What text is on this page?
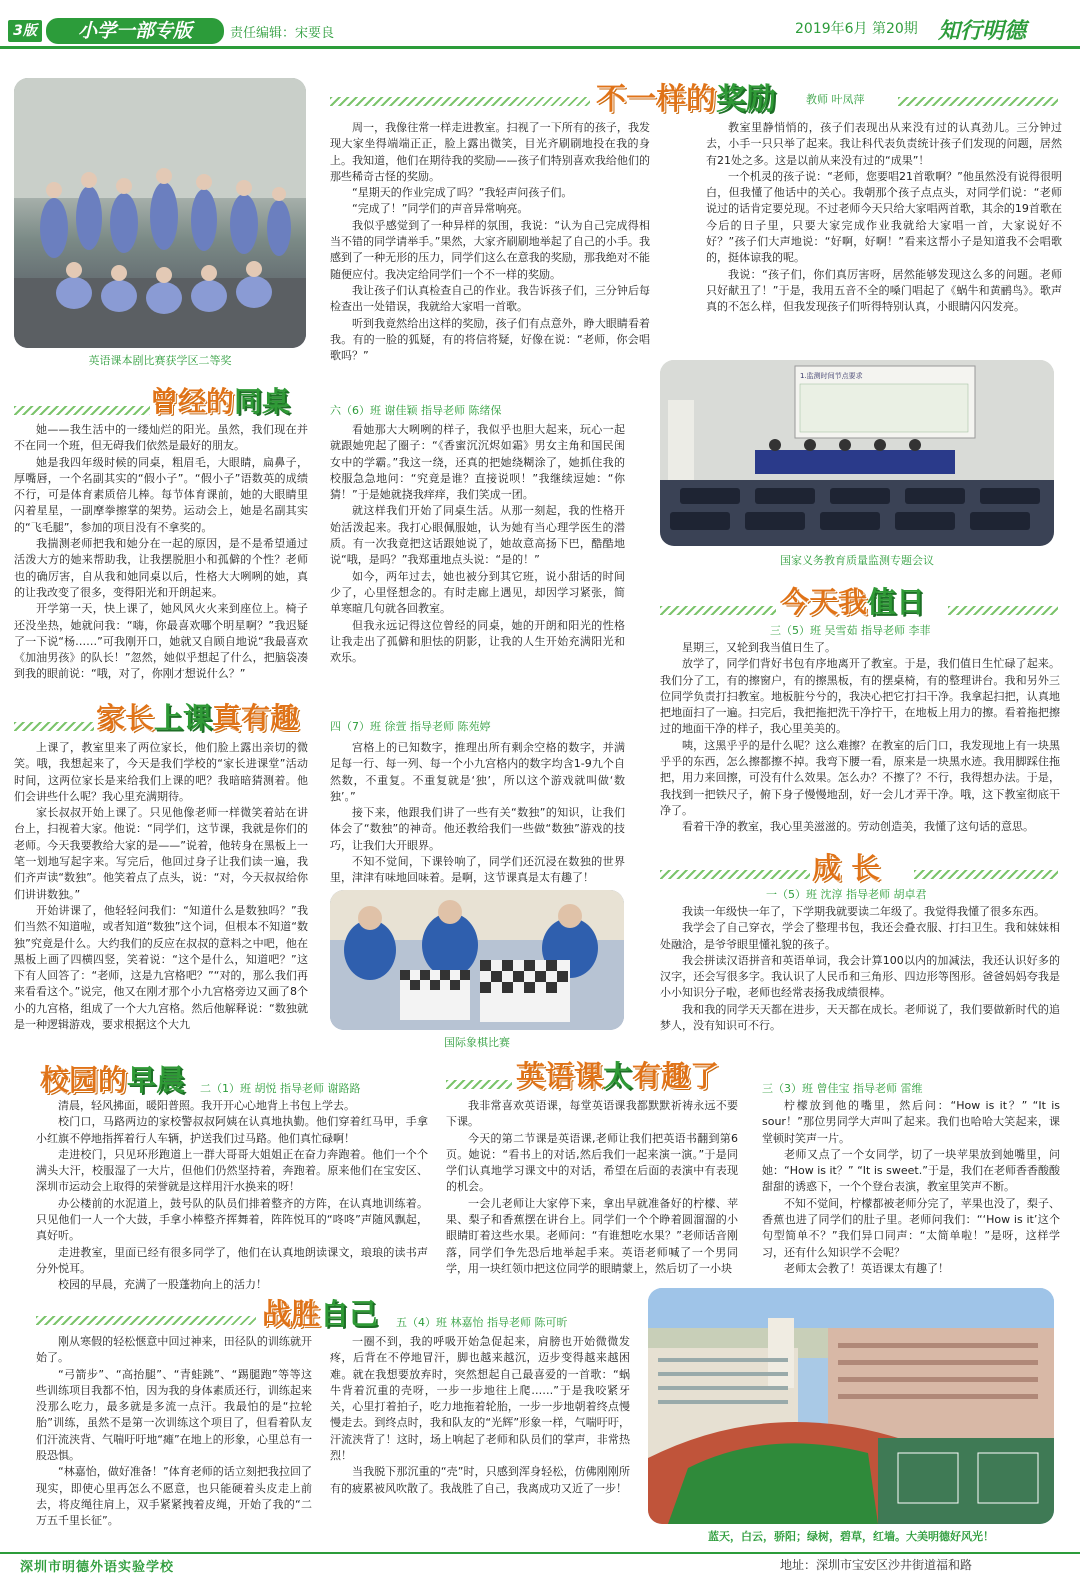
3版	小学一部专版	责任编辑：宋要良	2019年6月 第20期 知行明德
英语课本剧比赛获学区二等奖
不一样的奖励	教师 叶凤萍

周一，我像往常一样走进教室。扫视了一下所有的孩子，我发现大家坐得端端正正，脸上露出微笑，目光齐刷刷地投在我的身上。我知道，他们在期待我的奖励——孩子们特别喜欢我给他们的那些稀奇古怪的奖励。

“星期天的作业完成了吗？”我轻声问孩子们。

“完成了！”同学们的声音异常响亮。

我似乎感觉到了一种异样的氛围，我说：“认为自己完成得相当不错的同学请举手。”果然，大家齐刷刷地举起了自己的小手。我感到了一种无形的压力，同学们这么在意我的奖励，那我绝对不能随便应付。我决定给同学们一个不一样的奖励。

我让孩子们认真检查自己的作业。我告诉孩子们，三分钟后每检查出一处错误，我就给大家唱一首歌。

听到我竟然给出这样的奖励，孩子们有点意外，睁大眼睛看着我。有的一脸的狐疑，有的将信将疑，好像在说：“老师，你会唱歌吗？”

教室里静悄悄的，孩子们表现出从来没有过的认真劲儿。三分钟过去，小手一只只举了起来。我让科代表负责统计孩子们发现的问题，居然有21处之多。这是以前从来没有过的“成果”！

一个机灵的孩子说：“老师，您要唱21首歌啊？”他虽然没有说得很明白，但我懂了他话中的关心。我朝那个孩子点点头，对同学们说：“老师说过的话肯定要兑现。不过老师今天只给大家唱两首歌，其余的19首歌在今后的日子里，只要大家完成作业我就给大家唱一首，大家说好不好？”孩子们大声地说：“好啊，好啊！”看来这帮小子是知道我不会唱歌的，挺体谅我的呢。

我说：“孩子们，你们真厉害呀，居然能够发现这么多的问题。老师只好献丑了！”于是，我用五音不全的嗓门唱起了《蜗牛和黄鹂鸟》。歌声真的不怎么样，但我发现孩子们听得特别认真，小眼睛闪闪发亮。

1.监测时间节点要求
国家义务教育质量监测专题会议
曾经的同桌	六（6）班 谢佳颖 指导老师 陈绪保

她——我生活中的一缕灿烂的阳光。虽然，我们现在并不在同一个班，但无碍我们依然是最好的朋友。

她是我四年级时候的同桌，粗眉毛，大眼睛，扁鼻子，厚嘴唇，一个名副其实的“假小子”。“假小子”语数英的成绩不行，可是体育素质倍儿棒。每节体育课前，她的大眼睛里闪着星星，一副摩拳擦掌的架势。运动会上，她是名副其实的“飞毛腿”，参加的项目没有不拿奖的。

我揣测老师把我和她分在一起的原因，是不是希望通过活泼大方的她来帮助我，让我摆脱胆小和孤僻的个性？老师也的确厉害，自从我和她同桌以后，性格大大咧咧的她，真的让我改变了很多，变得阳光和开朗起来。

开学第一天，快上课了，她风风火火来到座位上。椅子还没坐热，她就问我：“嗨，你最喜欢哪个明星啊？”我迟疑了一下说“杨……”可我刚开口，她就又自顾自地说“我最喜欢《加油男孩》的队长！”忽然，她似乎想起了什么，把脑袋凑到我的眼前说：“哦，对了，你刚才想说什么？”

看她那大大咧咧的样子，我似乎也胆大起来，玩心一起就跟她兜起了圈子：“《香蜜沉沉烬如霜》男女主角和国民闺女中的学霸。”我这一绕，还真的把她绕糊涂了，她抓住我的校服急急地问：“究竟是谁？直接说呗！”我继续逗她：“你猜！”于是她就挠我痒痒，我们笑成一团。

就这样我们开始了同桌生活。从那一刻起，我的性格开始活泼起来。我打心眼佩服她，认为她有当心理学医生的潜质。有一次我竟把这话跟她说了，她故意高扬下巴，酷酷地说“哦，是吗？”我郑重地点头说：“是的！”

如今，两年过去，她也被分到其它班，说小甜话的时间少了，心里怪想念的。有时走廊上遇见，却因学习紧张，简单寒暄几句就各回教室。

但我永远记得这位曾经的同桌，她的开朗和阳光的性格让我走出了孤僻和胆怯的阴影，让我的人生开始充满阳光和欢乐。

家长上课真有趣	四（7）班 徐萱 指导老师 陈苑婷

上课了，教室里来了两位家长，他们脸上露出亲切的微笑。哦，我想起来了，今天是我们学校的“家长进课堂”活动时间，这两位家长是来给我们上课的吧？我暗暗猜测着。他们会讲些什么呢？我心里充满期待。

家长叔叔开始上课了。只见他像老师一样微笑着站在讲台上，扫视着大家。他说：“同学们，这节课，我就是你们的老师。今天我要教给大家的是——”说着，他转身在黑板上一笔一划地写起字来。写完后，他回过身子让我们读一遍，我们齐声读“数独”。他笑着点了点头，说：“对，今天叔叔给你们讲讲数独。”

开始讲课了，他轻轻问我们：“知道什么是数独吗？”我们当然不知道啦，或者知道“数独”这个词，但根本不知道“数独”究竟是什么。大约我们的反应在叔叔的意料之中吧，他在黑板上画了四横四竖，笑着说：“这个是什么，知道吧？”这下有人回答了：“老师，这是九宫格吧？”“对的，那么我们再来看看这个。”说完，他又在刚才那个小九宫格旁边又画了8个小的九宫格，组成了一个大九宫格。然后他解释说：“数独就是一种逻辑游戏，要求根据这个大九

宫格上的已知数字，推理出所有剩余空格的数字，并满足每一行、每一列、每一个小九宫格内的数字均含1-9九个自然数，不重复。不重复就是‘独’，所以这个游戏就叫做‘数独’。”

接下来，他跟我们讲了一些有关“数独”的知识，让我们体会了“数独”的神奇。他还教给我们一些做“数独”游戏的技巧，让我们大开眼界。

不知不觉间，下课铃响了，同学们还沉浸在数独的世界里，津津有味地回味着。是啊，这节课真是太有趣了！

国际象棋比赛
今天我值日
三（5）班 吴雪茹 指导老师 李菲

星期三，又轮到我当值日生了。

放学了，同学们背好书包有序地离开了教室。于是，我们值日生忙碌了起来。我们分了工，有的擦窗户，有的擦黑板，有的摆桌椅，有的整理讲台。我和另外三位同学负责打扫教室。地板脏兮兮的，我决心把它打扫干净。我拿起扫把，认真地把地面扫了一遍。扫完后，我把拖把洗干净拧干，在地板上用力的擦。看着拖把擦过的地面干净的样子，我心里美美的。

咦，这黑乎乎的是什么呢？这么难擦？在教室的后门口，我发现地上有一块黑乎乎的东西，怎么擦都擦不掉。我弯下腰一看，原来是一块黑水迹。我用脚踩住拖把，用力来回擦，可没有什么效果。怎么办？不擦了？不行，我得想办法。于是，我找到一把铁尺子，俯下身子慢慢地刮，好一会儿才弄干净。哦，这下教室彻底干净了。

看着干净的教室，我心里美滋滋的。劳动创造美，我懂了这句话的意思。

成 长
一（5）班 沈淳 指导老师 胡卓君

我读一年级快一年了，下学期我就要读二年级了。我觉得我懂了很多东西。

我学会了自己穿衣，学会了整理书包，我还会叠衣服、打扫卫生。我和妹妹相处融洽，是爷爷眼里懂礼貌的孩子。

我会拼读汉语拼音和英语单词，我会计算100以内的加减法，我还认识好多的汉字，还会写很多字。我认识了人民币和三角形、四边形等图形。爸爸妈妈夸我是小小知识分子啦，老师也经常表扬我成绩很棒。

我和我的同学天天都在进步，天天都在成长。老师说了，我们要做新时代的追梦人，没有知识可不行。

校园的早晨 二（1）班 胡悦 指导老师 谢路路

清晨，轻风拂面，暖阳普照。我开开心心地背上书包上学去。

校门口，马路两边的家校警叔叔阿姨在认真地执勤。他们穿着红马甲，手拿小红旗不停地指挥着行人车辆，护送我们过马路。他们真忙碌啊！

走进校门，只见环形跑道上一群大哥哥大姐姐正在奋力奔跑着。他们一个个满头大汗，校服湿了一大片，但他们仍然坚持着，奔跑着。原来他们在宝安区、深圳市运动会上取得的荣誉就是这样用汗水换来的呀！

办公楼前的水泥道上，鼓号队的队员们排着整齐的方阵，在认真地训练着。只见他们一人一个大鼓，手拿小棒整齐挥舞着，阵阵悦耳的“咚咚”声随风飘起，真好听。

走进教室，里面已经有很多同学了，他们在认真地朗读课文，琅琅的读书声分外悦耳。

校园的早晨，充满了一股蓬勃向上的活力！

英语课太有趣了	三（3）班 曾佳宝 指导老师 雷维

我非常喜欢英语课，每堂英语课我都默默祈祷永远不要下课。

今天的第二节课是英语课,老师让我们把英语书翻到第6页。她说：“看书上的对话,然后我们一起来演一演。”于是同学们认真地学习课文中的对话，希望在后面的表演中有表现的机会。

一会儿老师让大家停下来，拿出早就准备好的柠檬、苹果、梨子和香蕉摆在讲台上。同学们一个个睁着圆溜溜的小眼睛盯着这些水果。老师问：“有谁想吃水果？”老师话音刚落，同学们争先恐后地举起手来。英语老师喊了一个男同学，用一块红领巾把这位同学的眼睛蒙上，然后切了一小块

柠檬放到他的嘴里，然后问：“How is it？” “It is sour！”那位男同学大声叫了起来。我们也哈哈大笑起来，课堂顿时笑声一片。

老师又点了一个女同学，切了一块苹果放到她嘴里，问她：“How is it？” “It is sweet.”于是，我们在老师香香酸酸甜甜的诱惑下，一个个登台表演，教室里笑声不断。

不知不觉间，柠檬都被老师分完了，苹果也没了，梨子、香蕉也进了同学们的肚子里。老师问我们：“‘How is it’这个句型简单不？”我们异口同声：“太简单啦！”是呀，这样学习，还有什么知识学不会呢？

老师太会教了！英语课太有趣了！

战胜自己 五（4）班 林嘉怡 指导老师 陈可昕

刚从寒假的轻松惬意中回过神来，田径队的训练就开始了。

“弓箭步”、“高抬腿”、“青蛙跳”、“踢腿跑”等等这些训练项目我都不怕，因为我的身体素质还行，训练起来没那么吃力，最多就是多流一点汗。我最怕的是“拉轮胎”训练，虽然不是第一次训练这个项目了，但看着队友们汗流浃背、气喘吁吁地“瘫”在地上的形象，心里总有一股恐惧。

“林嘉怡，做好准备！”体育老师的话立刻把我拉回了现实，即使心里再怎么不愿意，也只能硬着头皮走上前去，将皮绳往肩上，双手紧紧拽着皮绳，开始了我的“二万五千里长征”。

一圈不到，我的呼吸开始急促起来，肩膀也开始微微发疼，后背在不停地冒汗，脚也越来越沉，迈步变得越来越困难。就在我想要放弃时，突然想起自己最喜爱的一首歌：“蜗牛背着沉重的壳呀，一步一步地往上爬……”于是我咬紧牙关，心里打着拍子，吃力地拖着轮胎，一步一步地朝着终点慢慢走去。到终点时，我和队友的“光辉”形象一样，气喘吁吁，汗流浃背了！这时，场上响起了老师和队员们的掌声，非常热烈！

当我脱下那沉重的“壳”时，只感到浑身轻松，仿佛刚刚所有的疲累被风吹散了。我战胜了自己，我离成功又近了一步！

蓝天，白云，骄阳；绿树，碧草，红墙。大美明德好风光！
深圳市明德外语实验学校	地址：深圳市宝安区沙井街道福和路
